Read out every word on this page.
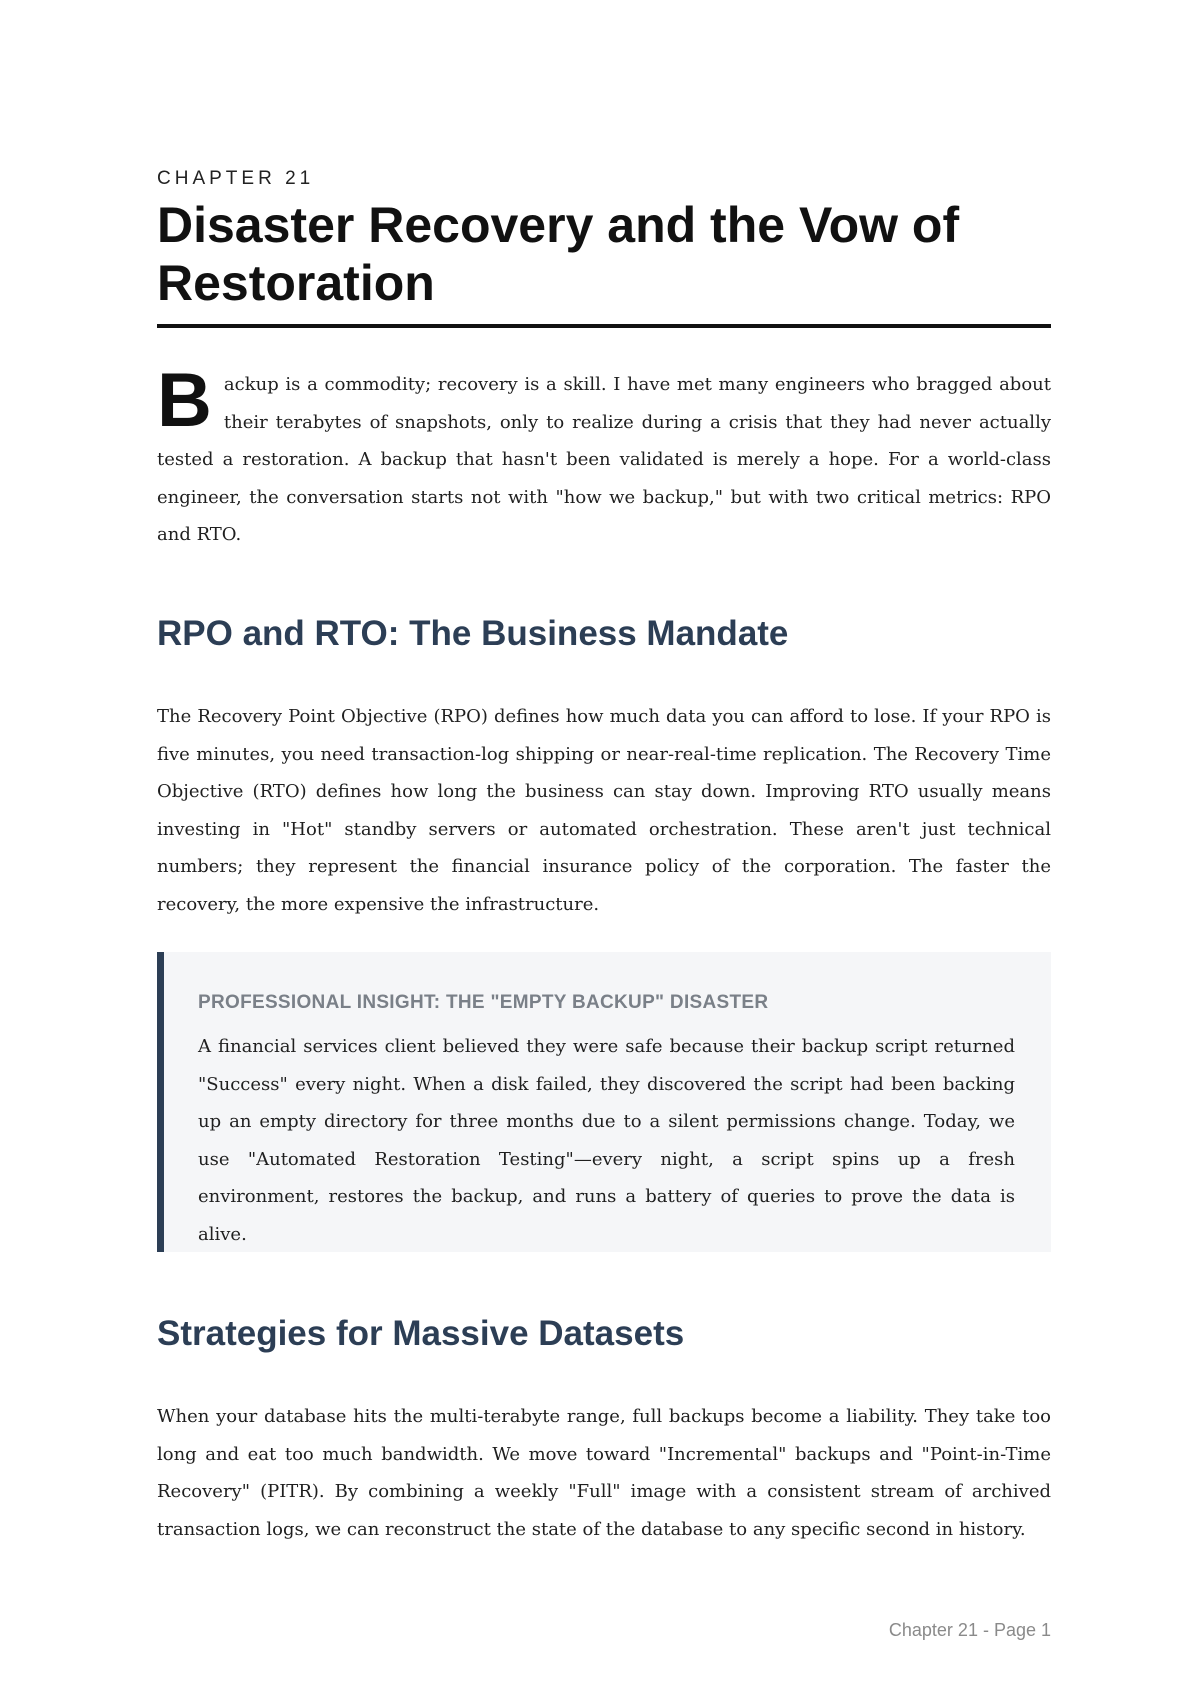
CHAPTER 21
Disaster Recovery and the Vow of Restoration

Backup is a commodity; recovery is a skill. I have met many engineers who bragged about their terabytes of snapshots, only to realize during a crisis that they had never actually tested a restoration. A backup that hasn't been validated is merely a hope. For a world-class engineer, the conversation starts not with "how we backup," but with two critical metrics: RPO and RTO.

RPO and RTO: The Business Mandate

The Recovery Point Objective (RPO) defines how much data you can afford to lose. If your RPO is five minutes, you need transaction-log shipping or near-real-time replication. The Recovery Time Objective (RTO) defines how long the business can stay down. Improving RTO usually means investing in "Hot" standby servers or automated orchestration. These aren't just technical numbers; they represent the financial insurance policy of the corporation. The faster the recovery, the more expensive the infrastructure.

PROFESSIONAL INSIGHT: THE "EMPTY BACKUP" DISASTER

A financial services client believed they were safe because their backup script returned "Success" every night. When a disk failed, they discovered the script had been backing up an empty directory for three months due to a silent permissions change. Today, we use "Automated Restoration Testing"—every night, a script spins up a fresh environment, restores the backup, and runs a battery of queries to prove the data is alive.

Strategies for Massive Datasets

When your database hits the multi-terabyte range, full backups become a liability. They take too long and eat too much bandwidth. We move toward "Incremental" backups and "Point-in-Time Recovery" (PITR). By combining a weekly "Full" image with a consistent stream of archived transaction logs, we can reconstruct the state of the database to any specific second in history.

Chapter 21 - Page 1
